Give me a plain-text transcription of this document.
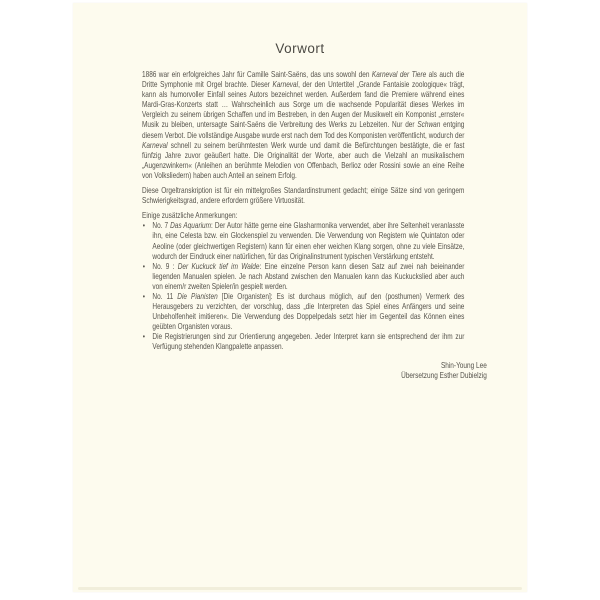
Vorwort

1886 war ein erfolgreiches Jahr für Camille Saint-Saëns, das uns sowohl den Karneval der Tiere als auch die Dritte Symphonie mit Orgel brachte. Dieser Karneval, der den Untertitel „Grande Fantaisie zoologique« trägt, kann als humorvoller Einfall seines Autors bezeichnet werden. Außerdem fand die Premiere während eines Mardi-Gras-Konzerts statt … Wahrscheinlich aus Sorge um die wachsende Popularität dieses Werkes im Vergleich zu seinem übrigen Schaffen und im Bestreben, in den Augen der Musikwelt ein Komponist „ernster« Musik zu bleiben, untersagte Saint-Saëns die Verbreitung des Werks zu Lebzeiten. Nur der Schwan entging diesem Verbot. Die vollständige Ausgabe wurde erst nach dem Tod des Komponisten veröffentlicht, wodurch der Karneval schnell zu seinem berühmtesten Werk wurde und damit die Befürchtungen bestätigte, die er fast fünfzig Jahre zuvor geäußert hatte. Die Originalität der Worte, aber auch die Vielzahl an musikalischem „Augenzwinkern« (Anleihen an berühmte Melodien von Offenbach, Berlioz oder Rossini sowie an eine Reihe von Volksliedern) haben auch Anteil an seinem Erfolg.

Diese Orgeltranskription ist für ein mittelgroßes Standardinstrument gedacht; einige Sätze sind von geringem Schwierigkeitsgrad, andere erfordern größere Virtuosität.

Einige zusätzliche Anmerkungen:

• No. 7 Das Aquarium: Der Autor hätte gerne eine Glasharmonika verwendet, aber ihre Seltenheit veranlasste ihn, eine Celesta bzw. ein Glockenspiel zu verwenden. Die Verwendung von Registern wie Quintaton oder Aeoline (oder gleichwertigen Registern) kann für einen eher weichen Klang sorgen, ohne zu viele Einsätze, wodurch der Eindruck einer natürlichen, für das Originalinstrument typischen Verstärkung entsteht.
• No. 9 : Der Kuckuck tief im Walde: Eine einzelne Person kann diesen Satz auf zwei nah beieinander liegenden Manualen spielen. Je nach Abstand zwischen den Manualen kann das Kuckuckslied aber auch von einem/r zweiten Spieler/in gespielt werden.
• No. 11 Die Pianisten [Die Organisten]: Es ist durchaus möglich, auf den (posthumen) Vermerk des Herausgebers zu verzichten, der vorschlug, dass „die Interpreten das Spiel eines Anfängers und seine Unbeholfenheit imitieren«. Die Verwendung des Doppelpedals setzt hier im Gegenteil das Können eines geübten Organisten voraus.
• Die Registrierungen sind zur Orientierung angegeben. Jeder Interpret kann sie entsprechend der ihm zur Verfügung stehenden Klangpalette anpassen.
Shin-Young Lee
Übersetzung Esther Dubielzig
